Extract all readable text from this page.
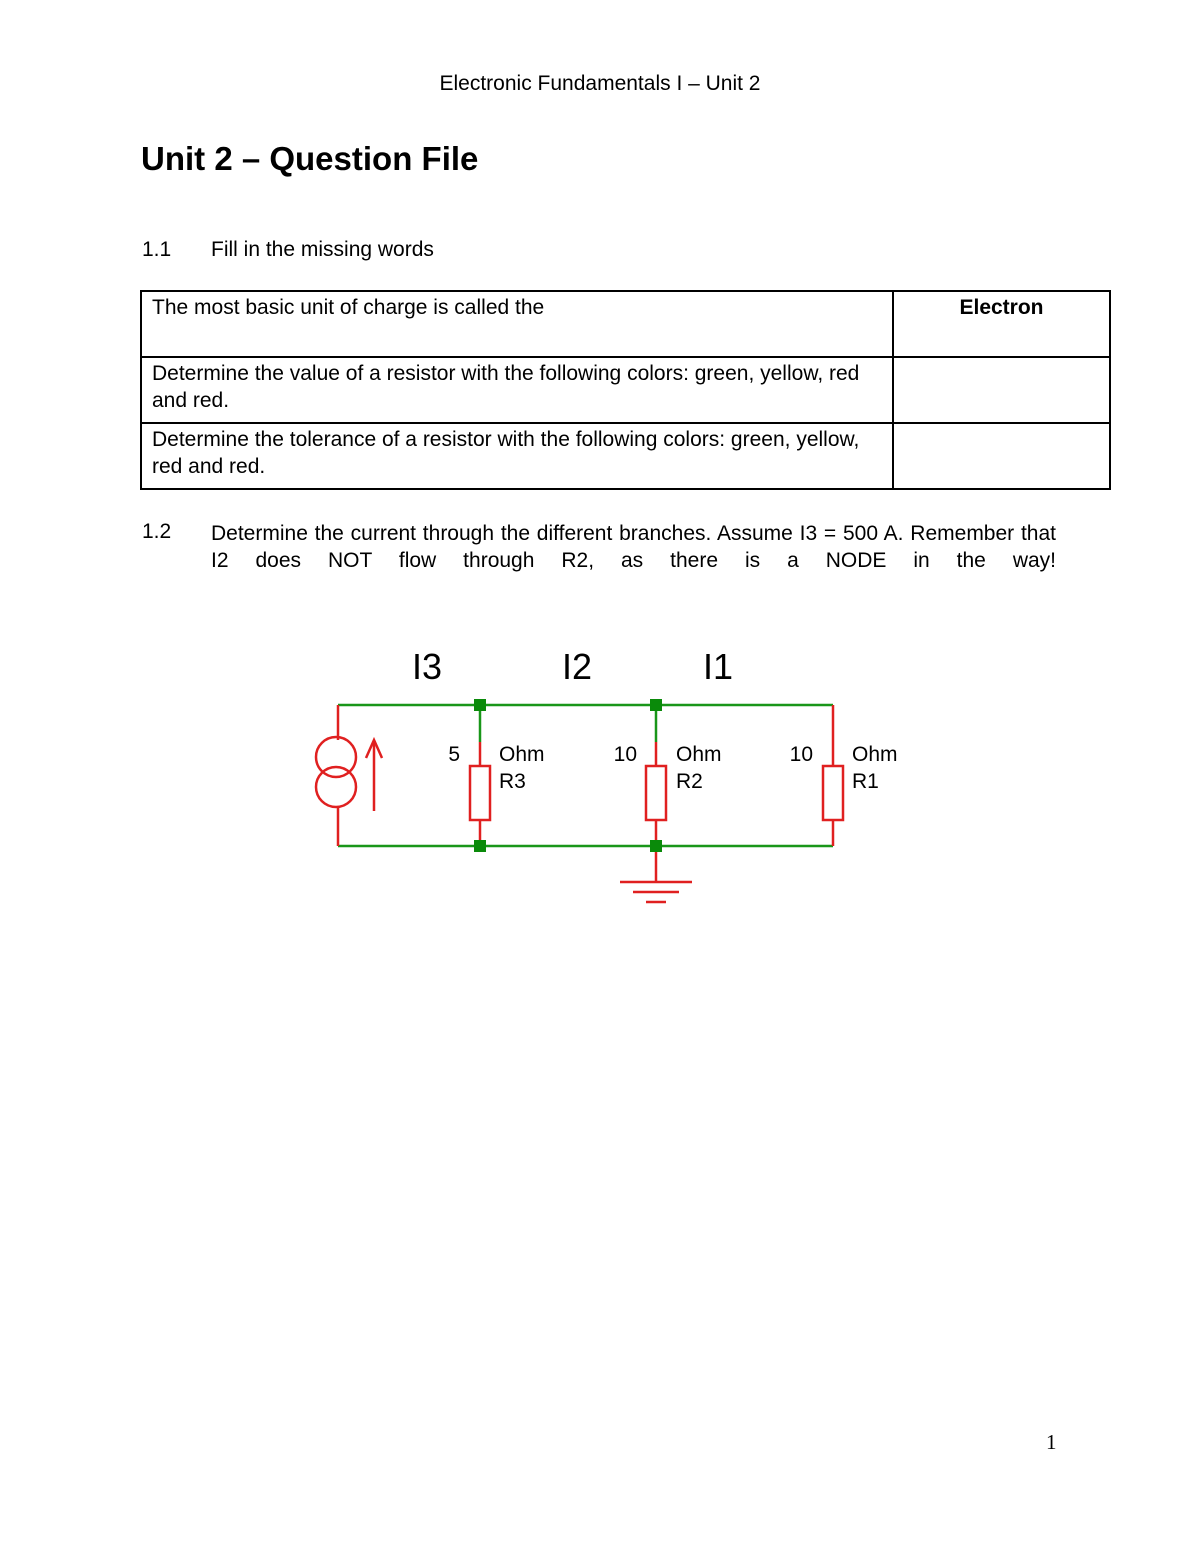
Electronic Fundamentals I – Unit 2
Unit 2 – Question File
1.1 Fill in the missing words
The most basic unit of charge is called the	Electron
Determine the value of a resistor with the following colors: green, yellow, red and red.	
Determine the tolerance of a resistor with the following colors: green, yellow, red and red.	
1.2 Determine the current through the different branches. Assume I3 = 500 A. Remember that I2 does NOT flow through R2, as there is a NODE in the way!
I3	I2	I1
5 Ohm
R3
10 Ohm
R2
10 Ohm
R1
1
